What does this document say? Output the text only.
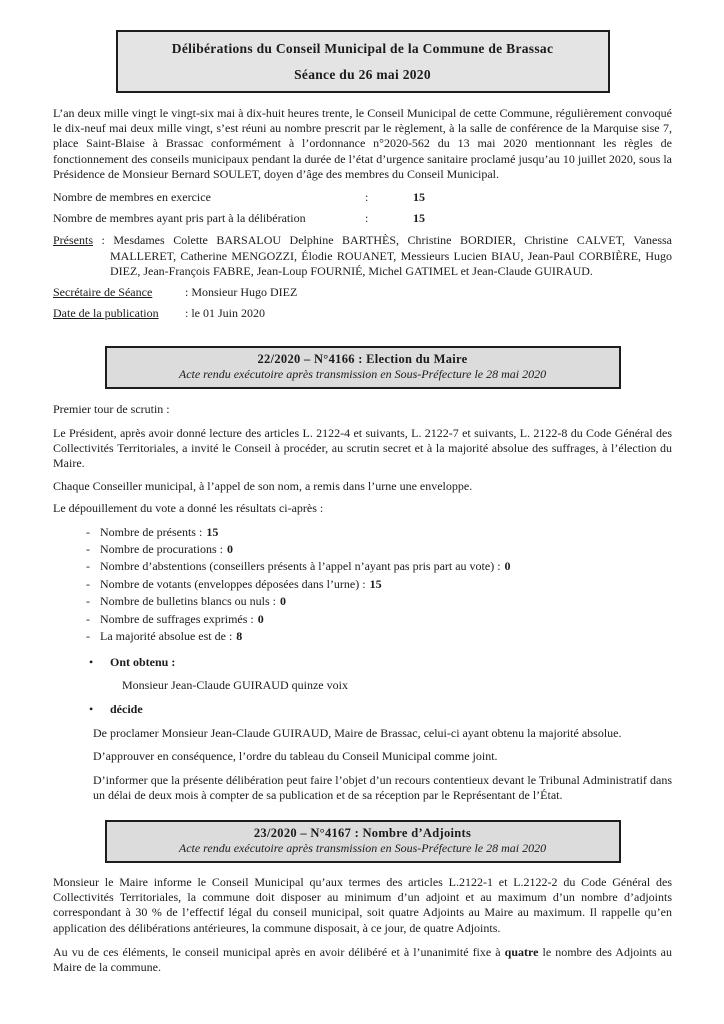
Délibérations du Conseil Municipal de la Commune de Brassac
Séance du 26 mai 2020

L’an deux mille vingt le vingt-six mai à dix-huit heures trente, le Conseil Municipal de cette Commune, régulièrement convoqué le dix-neuf mai deux mille vingt, s’est réuni au nombre prescrit par le règlement, à la salle de conférence de la Marquise sise 7, place Saint-Blaise à Brassac conformément à l’ordonnance n°2020-562 du 13 mai 2020 mentionnant les règles de fonctionnement des conseils municipaux pendant la durée de l’état d’urgence sanitaire proclamé jusqu’au 10 juillet 2020, sous la Présidence de Monsieur Bernard SOULET, doyen d’âge des membres du Conseil Municipal.

Nombre de membres en exercice	:	15
Nombre de membres ayant pris part à la délibération	:	15

Présents : Mesdames Colette BARSALOU Delphine BARTHÈS, Christine BORDIER, Christine CALVET, Vanessa MALLERET, Catherine MENGOZZI, Élodie ROUANET, Messieurs Lucien BIAU, Jean-Paul CORBIÈRE, Hugo DIEZ, Jean-François FABRE, Jean-Loup FOURNIÉ, Michel GATIMEL et Jean-Claude GUIRAUD.

Secrétaire de Séance	: Monsieur Hugo DIEZ
Date de la publication	: le 01 Juin 2020
22/2020 – N°4166 : Election du Maire
Acte rendu exécutoire après transmission en Sous-Préfecture le 28 mai 2020

Premier tour de scrutin :

Le Président, après avoir donné lecture des articles L. 2122-4 et suivants, L. 2122-7 et suivants, L. 2122-8 du Code Général des Collectivités Territoriales, a invité le Conseil à procéder, au scrutin secret et à la majorité absolue des suffrages, à l’élection du Maire.

Chaque Conseiller municipal, à l’appel de son nom, a remis dans l’urne une enveloppe.

Le dépouillement du vote a donné les résultats ci-après :

- Nombre de présents : 15
- Nombre de procurations : 0
- Nombre d’abstentions (conseillers présents à l’appel n’ayant pas pris part au vote) : 0
- Nombre de votants (enveloppes déposées dans l’urne) : 15
- Nombre de bulletins blancs ou nuls : 0
- Nombre de suffrages exprimés : 0
- La majorité absolue est de : 8
•	Ont obtenu :

Monsieur Jean-Claude GUIRAUD quinze voix

•	décide

De proclamer Monsieur Jean-Claude GUIRAUD, Maire de Brassac, celui-ci ayant obtenu la majorité absolue.

D’approuver en conséquence, l’ordre du tableau du Conseil Municipal comme joint.

D’informer que la présente délibération peut faire l’objet d’un recours contentieux devant le Tribunal Administratif dans un délai de deux mois à compter de sa publication et de sa réception par le Représentant de l’État.

23/2020 – N°4167 : Nombre d’Adjoints
Acte rendu exécutoire après transmission en Sous-Préfecture le 28 mai 2020

Monsieur le Maire informe le Conseil Municipal qu’aux termes des articles L.2122-1 et L.2122-2 du Code Général des Collectivités Territoriales, la commune doit disposer au minimum d’un adjoint et au maximum d’un nombre d’adjoints correspondant à 30 % de l’effectif légal du conseil municipal, soit quatre Adjoints au Maire au maximum. Il rappelle qu’en application des délibérations antérieures, la commune disposait, à ce jour, de quatre Adjoints.

Au vu de ces éléments, le conseil municipal après en avoir délibéré et à l’unanimité fixe à quatre le nombre des Adjoints au Maire de la commune.
